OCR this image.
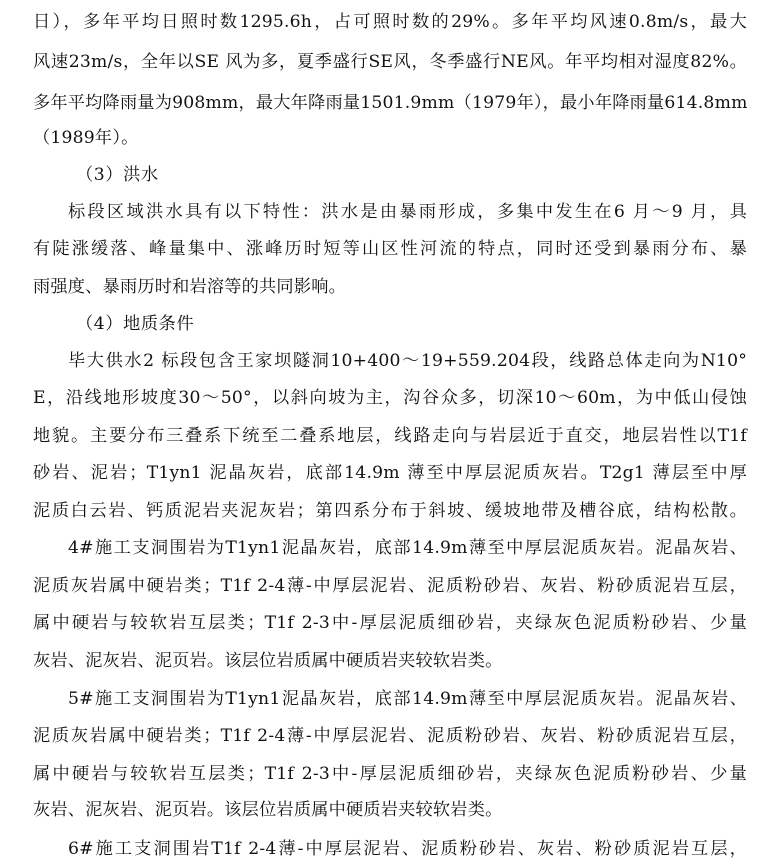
日），多年平均日照时数1295.6h，占可照时数的29%。多年平均风速0.8m/s，最大
风速23m/s，全年以SE 风为多，夏季盛行SE风，冬季盛行NE风。年平均相对湿度82%。
多年平均降雨量为908mm，最大年降雨量1501.9mm（1979年），最小年降雨量614.8mm
（1989年）。
（3）洪水
标段区域洪水具有以下特性：洪水是由暴雨形成，多集中发生在6 月～9 月，具
有陡涨缓落、峰量集中、涨峰历时短等山区性河流的特点，同时还受到暴雨分布、暴
雨强度、暴雨历时和岩溶等的共同影响。
（4）地质条件
毕大供水2 标段包含王家坝隧洞10+400～19+559.204段，线路总体走向为N10°
E，沿线地形坡度30～50°，以斜向坡为主，沟谷众多，切深10～60m，为中低山侵蚀
地貌。主要分布三叠系下统至二叠系地层，线路走向与岩层近于直交，地层岩性以T1f
砂岩、泥岩；T1yn1 泥晶灰岩，底部14.9m 薄至中厚层泥质灰岩。T2g1 薄层至中厚
泥质白云岩、钙质泥岩夹泥灰岩；第四系分布于斜坡、缓坡地带及槽谷底，结构松散。
4#施工支洞围岩为T1yn1泥晶灰岩，底部14.9m薄至中厚层泥质灰岩。泥晶灰岩、
泥质灰岩属中硬岩类；T1f 2-4薄-中厚层泥岩、泥质粉砂岩、灰岩、粉砂质泥岩互层，
属中硬岩与较软岩互层类；T1f 2-3中-厚层泥质细砂岩，夹绿灰色泥质粉砂岩、少量
灰岩、泥灰岩、泥页岩。该层位岩质属中硬质岩夹较软岩类。
5#施工支洞围岩为T1yn1泥晶灰岩，底部14.9m薄至中厚层泥质灰岩。泥晶灰岩、
泥质灰岩属中硬岩类；T1f 2-4薄-中厚层泥岩、泥质粉砂岩、灰岩、粉砂质泥岩互层，
属中硬岩与较软岩互层类；T1f 2-3中-厚层泥质细砂岩，夹绿灰色泥质粉砂岩、少量
灰岩、泥灰岩、泥页岩。该层位岩质属中硬质岩夹较软岩类。
6#施工支洞围岩T1f 2-4薄-中厚层泥岩、泥质粉砂岩、灰岩、粉砂质泥岩互层，
